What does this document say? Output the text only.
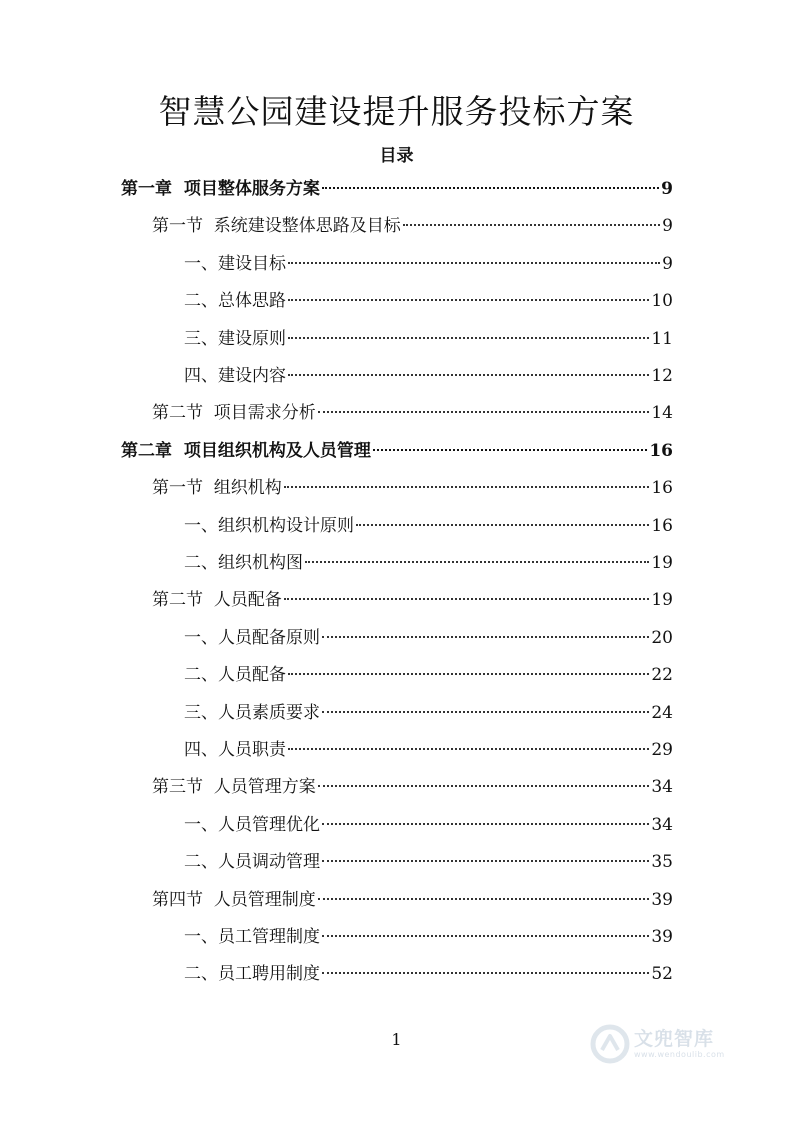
智慧公园建设提升服务投标方案
目录
第一章  项目整体服务方案	9
第一节  系统建设整体思路及目标	9
一、建设目标	9
二、总体思路	10
三、建设原则	11
四、建设内容	12
第二节  项目需求分析	14
第二章  项目组织机构及人员管理	16
第一节  组织机构	16
一、组织机构设计原则	16
二、组织机构图	19
第二节  人员配备	19
一、人员配备原则	20
二、人员配备	22
三、人员素质要求	24
四、人员职责	29
第三节  人员管理方案	34
一、人员管理优化	34
二、人员调动管理	35
第四节  人员管理制度	39
一、员工管理制度	39
二、员工聘用制度	52
1	文兜智库
www.wendoulib.com
